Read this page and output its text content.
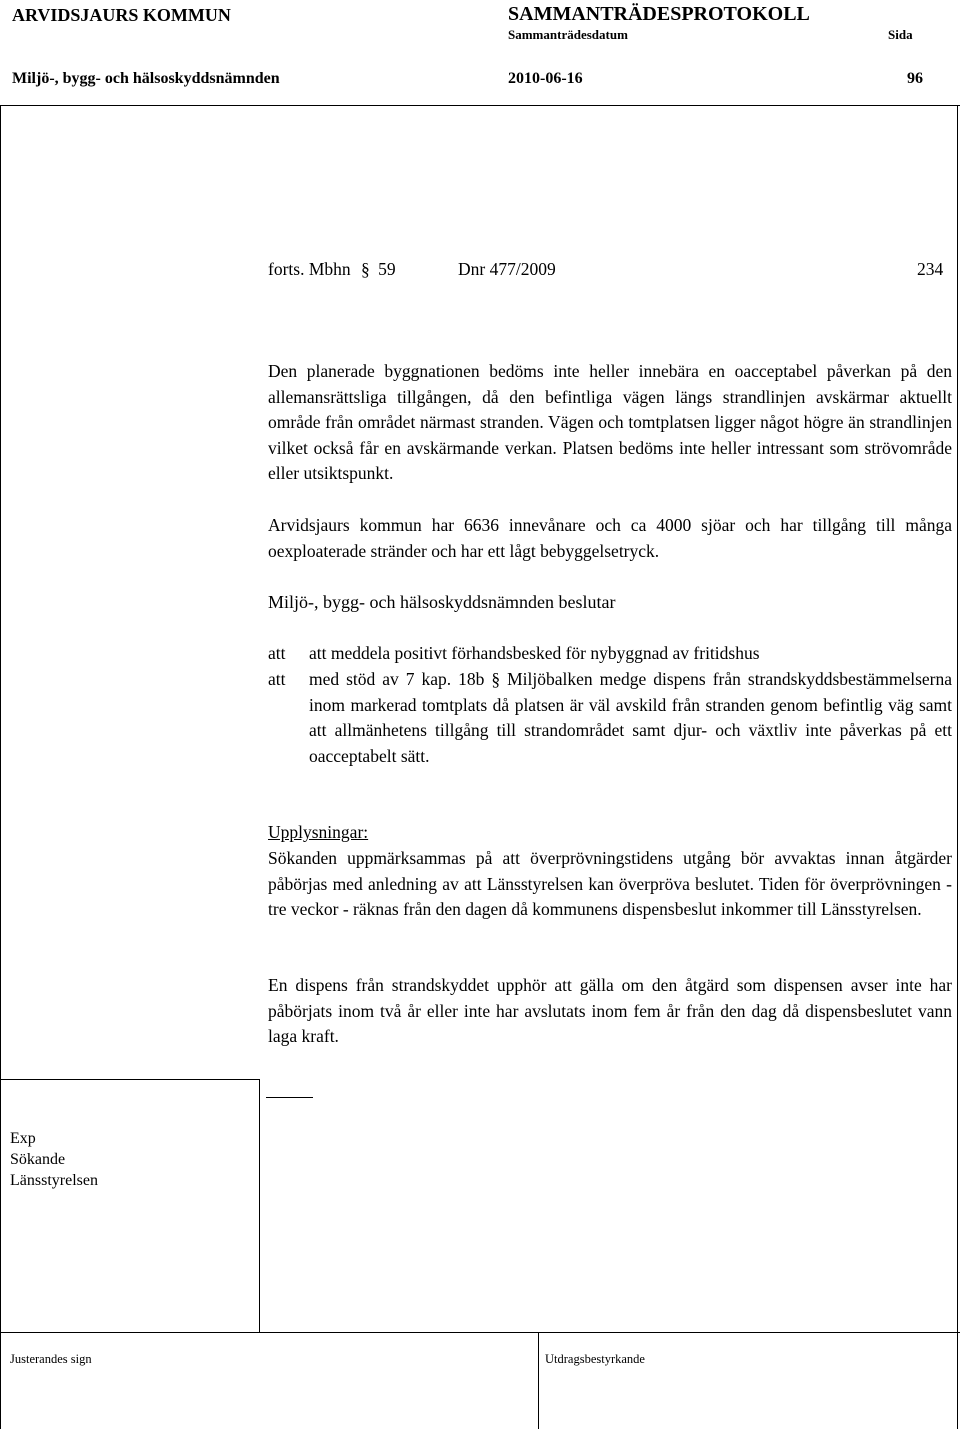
ARVIDSJAURS KOMMUN	SAMMANTRÄDESPROTOKOLL
Sammanträdesdatum	Sida
Miljö-, bygg- och hälsoskyddsnämnden	2010-06-16	96
forts. Mbhn § 59	Dnr 477/2009	234
Den planerade byggnationen bedöms inte heller innebära en oacceptabel påverkan på den allemansrättsliga tillgången, då den befintliga vägen längs strandlinjen avskärmar aktuellt område från området närmast stranden. Vägen och tomtplatsen ligger något högre än strandlinjen vilket också får en avskärmande verkan. Platsen bedöms inte heller intressant som strövområde eller utsiktspunkt.
Arvidsjaurs kommun har 6636 innevånare och ca 4000 sjöar och har tillgång till många oexploaterade stränder och har ett lågt bebyggelsetryck.
Miljö-, bygg- och hälsoskyddsnämnden beslutar
att att meddela positivt förhandsbesked för nybyggnad av fritidshus
att med stöd av 7 kap. 18b § Miljöbalken medge dispens från strandskyddsbestämmelserna inom markerad tomtplats då platsen är väl avskild från stranden genom befintlig väg samt att allmänhetens tillgång till strandområdet samt djur- och växtliv inte påverkas på ett oacceptabelt sätt.
Upplysningar:
Sökanden uppmärksammas på att överprövningstidens utgång bör avvaktas innan åtgärder påbörjas med anledning av att Länsstyrelsen kan överpröva beslutet. Tiden för överprövningen - tre veckor - räknas från den dagen då kommunens dispensbeslut inkommer till Länsstyrelsen.
En dispens från strandskyddet upphör att gälla om den åtgärd som dispensen avser inte har påbörjats inom två år eller inte har avslutats inom fem år från den dag då dispensbeslutet vann laga kraft.
Exp
Sökande
Länsstyrelsen
Justerandes sign	Utdragsbestyrkande
